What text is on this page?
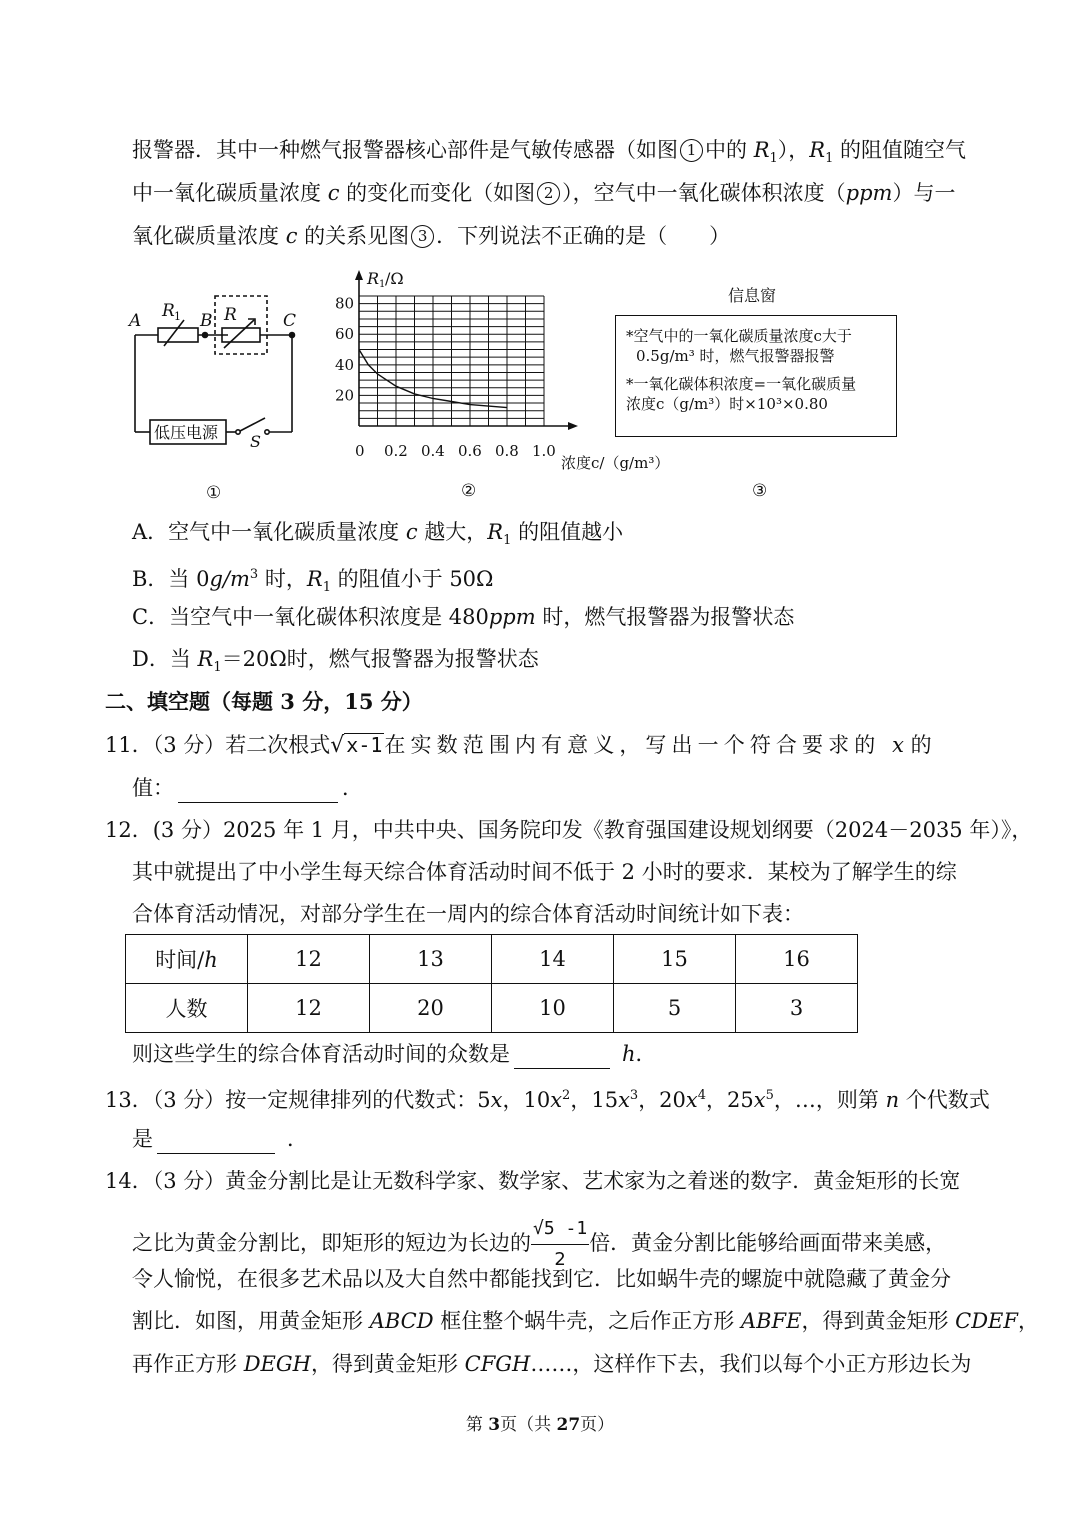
报警器．其中一种燃气报警器核心部件是气敏传感器（如图 1 中的 $R_1$），$R_1$ 的阻值随空气
中一氧化碳质量浓度 c 的变化而变化（如图 2 ），空气中一氧化碳体积浓度（ppm）与一
氧化碳质量浓度 c 的关系见图 3 ．下列说法不正确的是（　　）
A	B	C
R 1	R
S
低压电源
①
0 0.2 0.4 0.6 0.8 1.0
20
40
60
80
R 1 /Ω
浓度c/（g/m³）
②
信息窗
*空气中的一氧化碳质量浓度c大于
0.5g/m³ 时，燃气报警器报警
*一氧化碳体积浓度=一氧化碳质量
浓度c（g/m³）时×10³×0.80
③
A．空气中一氧化碳质量浓度 c 越大，$R_1$ 的阻值越小
B．当 $0g/m^3$ 时，$R_1$ 的阻值小于 50Ω
C．当空气中一氧化碳体积浓度是 480ppm 时，燃气报警器为报警状态
D．当 $R_1=20\Omega$时，燃气报警器为报警状态
二、填空题（每题 3 分，15 分）
11．（3 分）若二次根式√ x-1在实数范围内有意义，写出一个符合要求的 x 的
值：	．
12．(3 分）2025 年 1 月，中共中央、国务院印发《教育强国建设规划纲要（2024－2035 年）》，
其中就提出了中小学生每天综合体育活动时间不低于 2 小时的要求．某校为了解学生的综
合体育活动情况，对部分学生在一周内的综合体育活动时间统计如下表：
时间/h	12	13	14	15	16
人数	12	20	10	5	3
则这些学生的综合体育活动时间的众数是	h．
13．（3 分）按一定规律排列的代数式：5x，$10x^2$，$15x^3$，$20x^4$，$25x^5$，…，则第 n 个代数式
是	．
14．（3 分）黄金分割比是让无数科学家、数学家、艺术家为之着迷的数字．黄金矩形的长宽
之比为黄金分割比，即矩形的短边为长边的 $\frac{√5 -1}{2}$ 倍．黄金分割比能够给画面带来美感，
令人愉悦，在很多艺术品以及大自然中都能找到它．比如蜗牛壳的螺旋中就隐藏了黄金分
割比．如图，用黄金矩形 ABCD 框住整个蜗牛壳，之后作正方形 ABFE，得到黄金矩形 CDEF，
再作正方形 DEGH，得到黄金矩形 CFGH……，这样作下去，我们以每个小正方形边长为
第 3页（共 27页）
